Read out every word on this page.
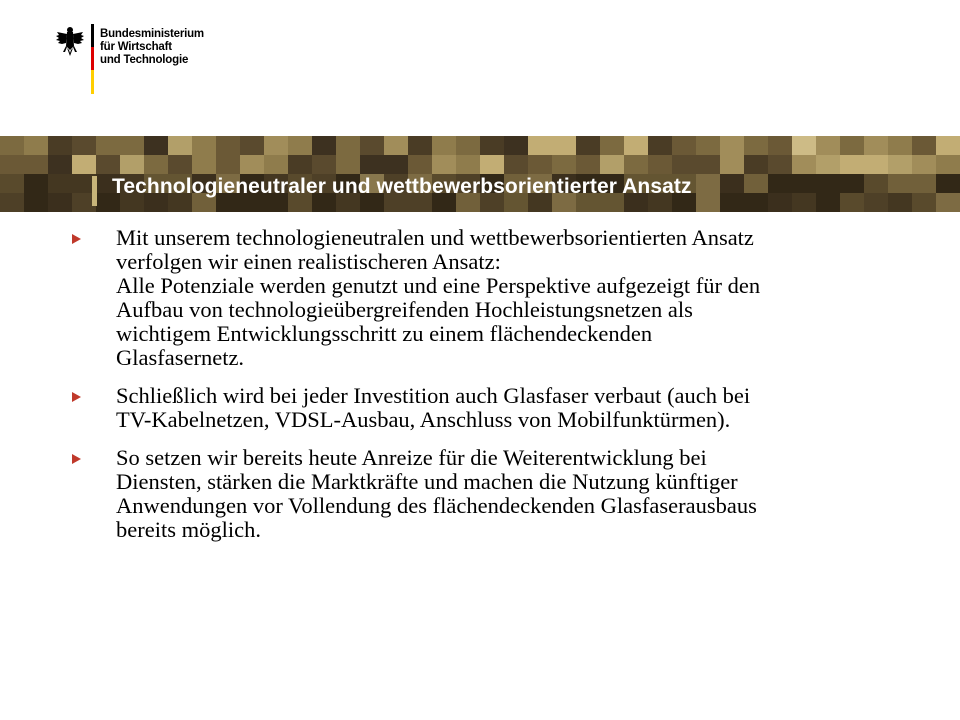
Bundesministerium
für Wirtschaft
und Technologie
Technologieneutraler und wettbewerbsorientierter Ansatz
Mit unserem technologieneutralen und wettbewerbsorientierten Ansatz
verfolgen wir einen realistischeren Ansatz:
Alle Potenziale werden genutzt und eine Perspektive aufgezeigt für den
Aufbau von technologieübergreifenden Hochleistungsnetzen als
wichtigem Entwicklungsschritt zu einem flächendeckenden
Glasfasernetz.
Schließlich wird bei jeder Investition auch Glasfaser verbaut (auch bei
TV-Kabelnetzen, VDSL-Ausbau, Anschluss von Mobilfunktürmen).
So setzen wir bereits heute Anreize für die Weiterentwicklung bei
Diensten, stärken die Marktkräfte und machen die Nutzung künftiger
Anwendungen vor Vollendung des flächendeckenden Glasfaserausbaus
bereits möglich.
